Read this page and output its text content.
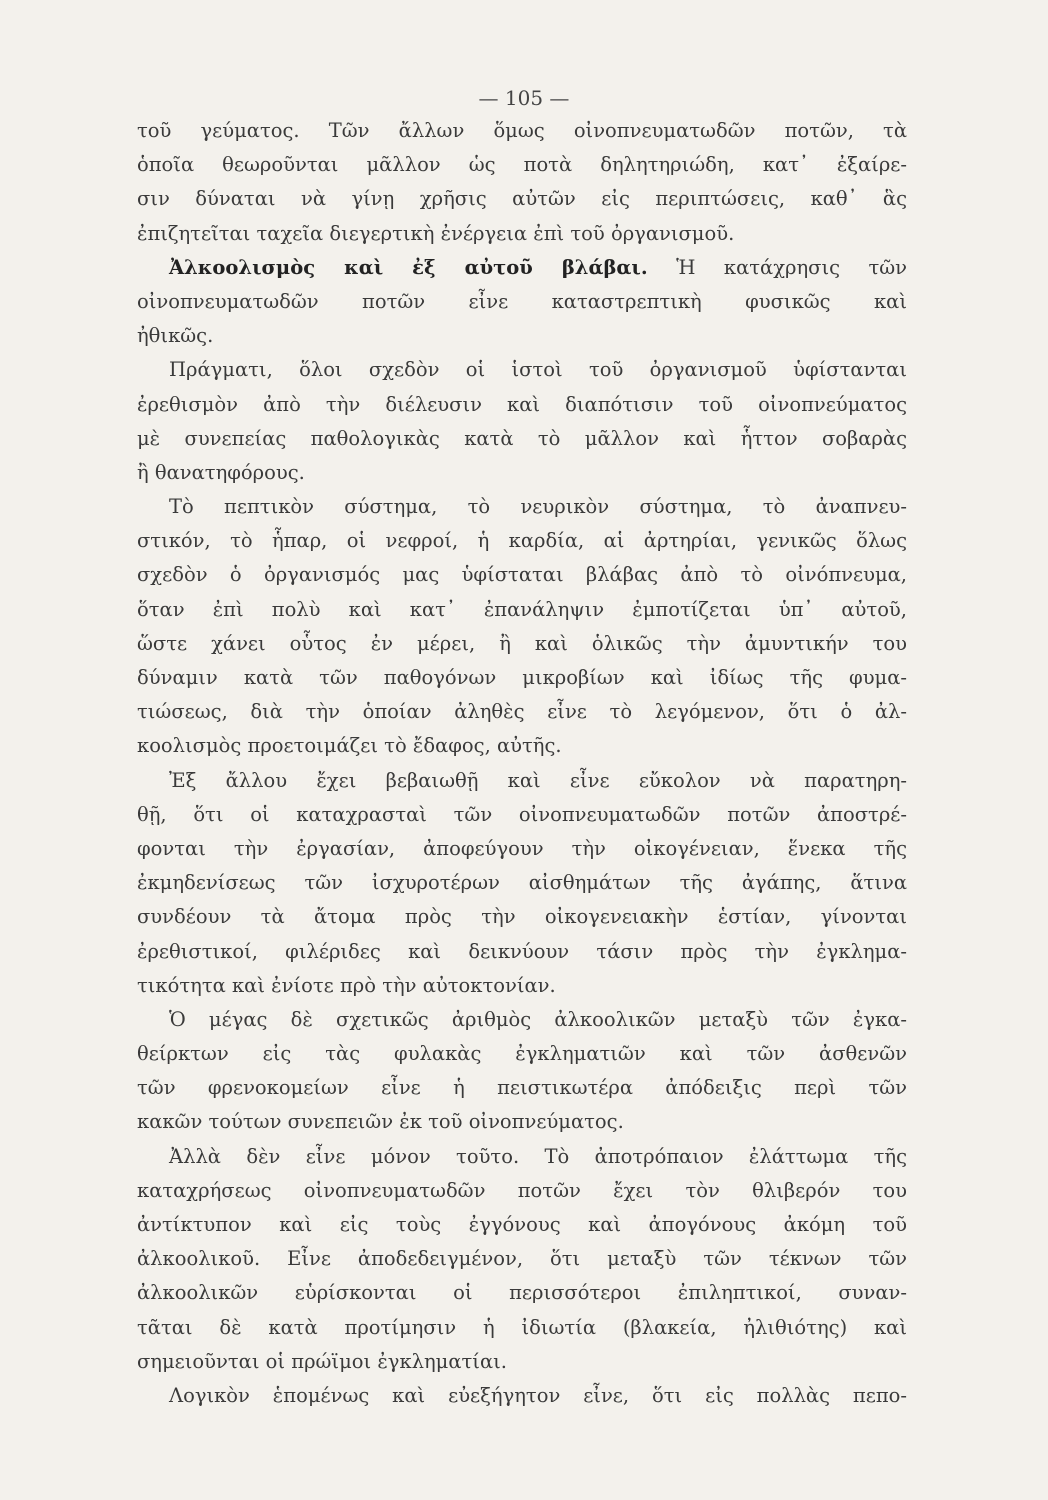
— 105 —
τοῦ γεύματος. Τῶν ἄλλων ὅμως οἰνοπνευματωδῶν ποτῶν, τὰ
ὁποῖα θεωροῦνται μᾶλλον ὡς ποτὰ δηλητηριώδη, κατ᾽ ἐξαίρε-
σιν δύναται νὰ γίνῃ χρῆσις αὐτῶν εἰς περιπτώσεις, καθ᾽ ἃς
ἐπιζητεῖται ταχεῖα διεγερτικὴ ἐνέργεια ἐπὶ τοῦ ὀργανισμοῦ.
Ἀλκοολισμὸς καὶ ἐξ αὐτοῦ βλάβαι. Ἡ κατάχρησις τῶν
οἰνοπνευματωδῶν ποτῶν εἶνε καταστρεπτικὴ φυσικῶς καὶ
ἠθικῶς.
Πράγματι, ὅλοι σχεδὸν οἱ ἱστοὶ τοῦ ὀργανισμοῦ ὑφίστανται
ἐρεθισμὸν ἀπὸ τὴν διέλευσιν καὶ διαπότισιν τοῦ οἰνοπνεύματος
μὲ συνεπείας παθολογικὰς κατὰ τὸ μᾶλλον καὶ ἧττον σοβαρὰς
ἢ θανατηφόρους.
Τὸ πεπτικὸν σύστημα, τὸ νευρικὸν σύστημα, τὸ ἀναπνευ-
στικόν, τὸ ἧπαρ, οἱ νεφροί, ἡ καρδία, αἱ ἀρτηρίαι, γενικῶς ὅλως
σχεδὸν ὁ ὀργανισμός μας ὑφίσταται βλάβας ἀπὸ τὸ οἰνόπνευμα,
ὅταν ἐπὶ πολὺ καὶ κατ᾽ ἐπανάληψιν ἐμποτίζεται ὑπ᾽ αὐτοῦ,
ὥστε χάνει οὗτος ἐν μέρει, ἢ καὶ ὁλικῶς τὴν ἀμυντικήν του
δύναμιν κατὰ τῶν παθογόνων μικροβίων καὶ ἰδίως τῆς φυμα-
τιώσεως, διὰ τὴν ὁποίαν ἀληθὲς εἶνε τὸ λεγόμενον, ὅτι ὁ ἀλ-
κοολισμὸς προετοιμάζει τὸ ἔδαφος, αὐτῆς.
Ἐξ ἄλλου ἔχει βεβαιωθῇ καὶ εἶνε εὔκολον νὰ παρατηρη-
θῇ, ὅτι οἱ καταχρασταὶ τῶν οἰνοπνευματωδῶν ποτῶν ἀποστρέ-
φονται τὴν ἐργασίαν, ἀποφεύγουν τὴν οἰκογένειαν, ἕνεκα τῆς
ἐκμηδενίσεως τῶν ἰσχυροτέρων αἰσθημάτων τῆς ἀγάπης, ἅτινα
συνδέουν τὰ ἄτομα πρὸς τὴν οἰκογενειακὴν ἑστίαν, γίνονται
ἐρεθιστικοί, φιλέριδες καὶ δεικνύουν τάσιν πρὸς τὴν ἐγκλημα-
τικότητα καὶ ἐνίοτε πρὸ τὴν αὐτοκτονίαν.
Ὁ μέγας δὲ σχετικῶς ἀριθμὸς ἀλκοολικῶν μεταξὺ τῶν ἐγκα-
θείρκτων εἰς τὰς φυλακὰς ἐγκληματιῶν καὶ τῶν ἀσθενῶν
τῶν φρενοκομείων εἶνε ἡ πειστικωτέρα ἀπόδειξις περὶ τῶν
κακῶν τούτων συνεπειῶν ἐκ τοῦ οἰνοπνεύματος.
Ἀλλὰ δὲν εἶνε μόνον τοῦτο. Τὸ ἀποτρόπαιον ἐλάττωμα τῆς
καταχρήσεως οἰνοπνευματωδῶν ποτῶν ἔχει τὸν θλιβερόν του
ἀντίκτυπον καὶ εἰς τοὺς ἐγγόνους καὶ ἀπογόνους ἀκόμη τοῦ
ἀλκοολικοῦ. Εἶνε ἀποδεδειγμένον, ὅτι μεταξὺ τῶν τέκνων τῶν
ἀλκοολικῶν εὑρίσκονται οἱ περισσότεροι ἐπιληπτικοί, συναν-
τᾶται δὲ κατὰ προτίμησιν ἡ ἰδιωτία (βλακεία, ἠλιθιότης) καὶ
σημειοῦνται οἱ πρώϊμοι ἐγκληματίαι.
Λογικὸν ἑπομένως καὶ εὐεξήγητον εἶνε, ὅτι εἰς πολλὰς πεπο-
